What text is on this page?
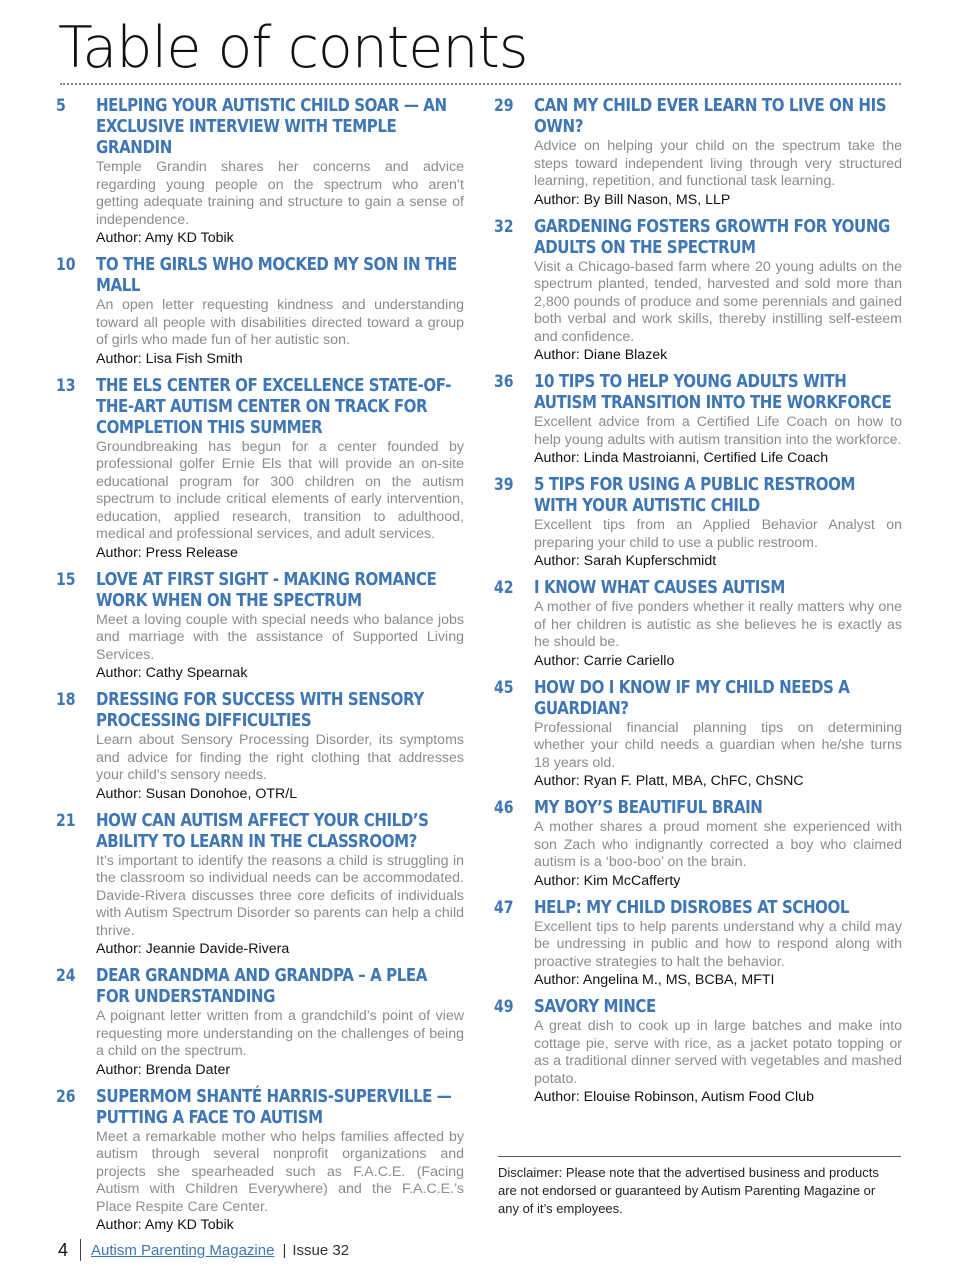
Table of contents
5	HELPING YOUR AUTISTIC CHILD SOAR — AN EXCLUSIVE INTERVIEW WITH TEMPLE GRANDIN
Temple Grandin shares her concerns and advice regarding young people on the spectrum who aren’t getting adequate training and structure to gain a sense of independence.
Author: Amy KD Tobik
10	TO THE GIRLS WHO MOCKED MY SON IN THE MALL
An open letter requesting kindness and understanding toward all people with disabilities directed toward a group of girls who made fun of her autistic son.
Author: Lisa Fish Smith
13	THE ELS CENTER OF EXCELLENCE STATE-OF-THE-ART AUTISM CENTER ON TRACK FOR COMPLETION THIS SUMMER
Groundbreaking has begun for a center founded by professional golfer Ernie Els that will provide an on-site educational program for 300 children on the autism spectrum to include critical elements of early intervention, education, applied research, transition to adulthood, medical and professional services, and adult services.
Author: Press Release
15	LOVE AT FIRST SIGHT - MAKING ROMANCE WORK WHEN ON THE SPECTRUM
Meet a loving couple with special needs who balance jobs and marriage with the assistance of Supported Living Services.
Author: Cathy Spearnak
18	DRESSING FOR SUCCESS WITH SENSORY PROCESSING DIFFICULTIES
Learn about Sensory Processing Disorder, its symptoms and advice for finding the right clothing that addresses your child’s sensory needs.
Author: Susan Donohoe, OTR/L
21	HOW CAN AUTISM AFFECT YOUR CHILD’S ABILITY TO LEARN IN THE CLASSROOM?
It’s important to identify the reasons a child is struggling in the classroom so individual needs can be accommodated. Davide-Rivera discusses three core deficits of individuals with Autism Spectrum Disorder so parents can help a child thrive.
Author: Jeannie Davide-Rivera
24	DEAR GRANDMA AND GRANDPA – A PLEA FOR UNDERSTANDING
A poignant letter written from a grandchild’s point of view requesting more understanding on the challenges of being a child on the spectrum.
Author: Brenda Dater
26	SUPERMOM SHANTÉ HARRIS-SUPERVILLE — PUTTING A FACE TO AUTISM
Meet a remarkable mother who helps families affected by autism through several nonprofit organizations and projects she spearheaded such as F.A.C.E. (Facing Autism with Children Everywhere) and the F.A.C.E.’s Place Respite Care Center.
Author: Amy KD Tobik
29	CAN MY CHILD EVER LEARN TO LIVE ON HIS OWN?
Advice on helping your child on the spectrum take the steps toward independent living through very structured learning, repetition, and functional task learning.
Author: By Bill Nason, MS, LLP
32	GARDENING FOSTERS GROWTH FOR YOUNG ADULTS ON THE SPECTRUM
Visit a Chicago-based farm where 20 young adults on the spectrum planted, tended, harvested and sold more than 2,800 pounds of produce and some perennials and gained both verbal and work skills, thereby instilling self-esteem and confidence.
Author: Diane Blazek
36	10 TIPS TO HELP YOUNG ADULTS WITH AUTISM TRANSITION INTO THE WORKFORCE
Excellent advice from a Certified Life Coach on how to help young adults with autism transition into the workforce.
Author: Linda Mastroianni, Certified Life Coach
39	5 TIPS FOR USING A PUBLIC RESTROOM WITH YOUR AUTISTIC CHILD
Excellent tips from an Applied Behavior Analyst on preparing your child to use a public restroom.
Author: Sarah Kupferschmidt
42	I KNOW WHAT CAUSES AUTISM
A mother of five ponders whether it really matters why one of her children is autistic as she believes he is exactly as he should be.
Author: Carrie Cariello
45	HOW DO I KNOW IF MY CHILD NEEDS A GUARDIAN?
Professional financial planning tips on determining whether your child needs a guardian when he/she turns 18 years old.
Author: Ryan F. Platt, MBA, ChFC, ChSNC
46	MY BOY’S BEAUTIFUL BRAIN
A mother shares a proud moment she experienced with son Zach who indignantly corrected a boy who claimed autism is a ‘boo-boo’ on the brain.
Author: Kim McCafferty
47	HELP: MY CHILD DISROBES AT SCHOOL
Excellent tips to help parents understand why a child may be undressing in public and how to respond along with proactive strategies to halt the behavior.
Author: Angelina M., MS, BCBA, MFTI
49	SAVORY MINCE
A great dish to cook up in large batches and make into cottage pie, serve with rice, as a jacket potato topping or as a traditional dinner served with vegetables and mashed potato.
Author: Elouise Robinson, Autism Food Club
Disclaimer: Please note that the advertised business and products are not endorsed or guaranteed by Autism Parenting Magazine or any of it’s employees.
4 Autism Parenting Magazine | Issue 32
